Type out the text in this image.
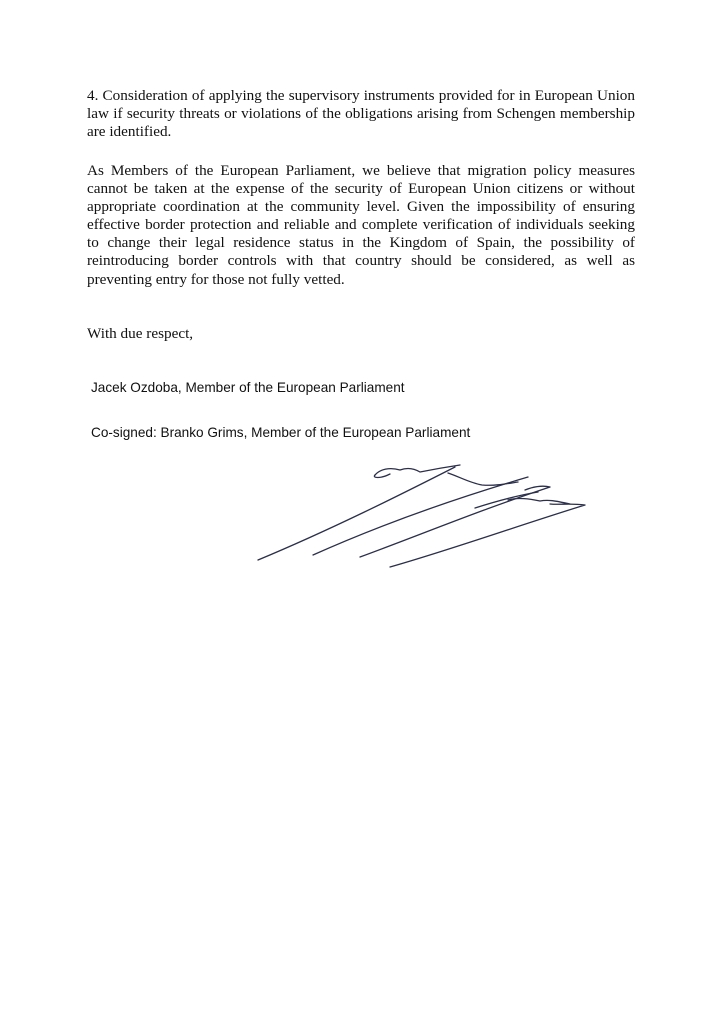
4. Consideration of applying the supervisory instruments provided for in European Union law if security threats or violations of the obligations arising from Schengen membership are identified.

As Members of the European Parliament, we believe that migration policy measures cannot be taken at the expense of the security of European Union citizens or without appropriate coordination at the community level. Given the impossibility of ensuring effective border protection and reliable and complete verification of individuals seeking to change their legal residence status in the Kingdom of Spain, the possibility of reintroducing border controls with that country should be considered, as well as preventing entry for those not fully vetted.

With due respect,

Jacek Ozdoba, Member of the European Parliament

Co-signed: Branko Grims, Member of the European Parliament
